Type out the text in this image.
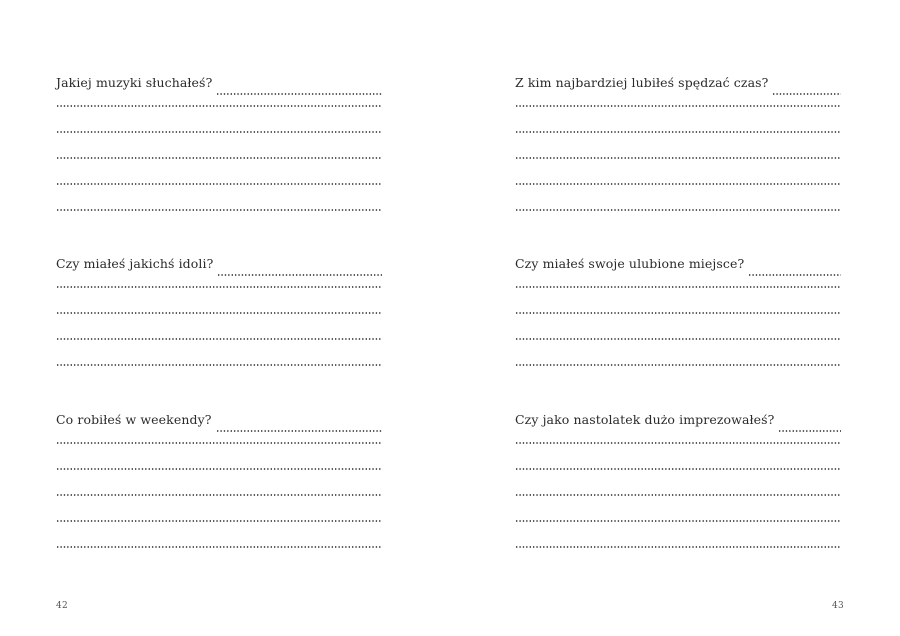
Jakiej muzyki słuchałeś?
Czy miałeś jakichś idoli?
Co robiłeś w weekendy?
42
Z kim najbardziej lubiłeś spędzać czas?
Czy miałeś swoje ulubione miejsce?
Czy jako nastolatek dużo imprezowałeś?
43
